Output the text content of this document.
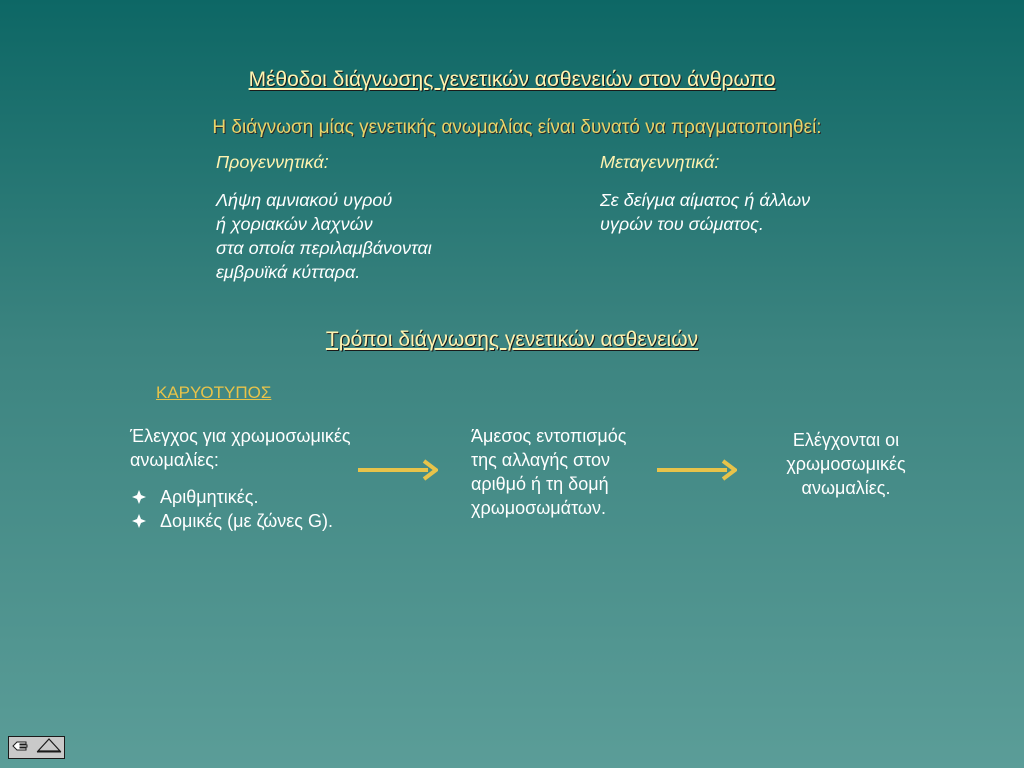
Μέθοδοι διάγνωσης γενετικών ασθενειών στον άνθρωπο
Η διάγνωση μίας γενετικής ανωμαλίας είναι δυνατό να πραγματοποιηθεί:
Προγεννητικά:
Λήψη αμνιακού υγρού
ή χοριακών λαχνών
στα οποία περιλαμβάνονται
εμβρυϊκά κύτταρα.
Μεταγεννητικά:
Σε δείγμα αίματος ή άλλων
υγρών του σώματος.
Τρόποι διάγνωσης γενετικών ασθενειών
ΚΑΡΥΟΤΥΠΟΣ
Έλεγχος για χρωμοσωμικές
ανωμαλίες:
Αριθμητικές.
Δομικές (με ζώνες G).
Άμεσος εντοπισμός
της αλλαγής στον
αριθμό ή τη δομή
χρωμοσωμάτων.
Ελέγχονται οι
χρωμοσωμικές
ανωμαλίες.
